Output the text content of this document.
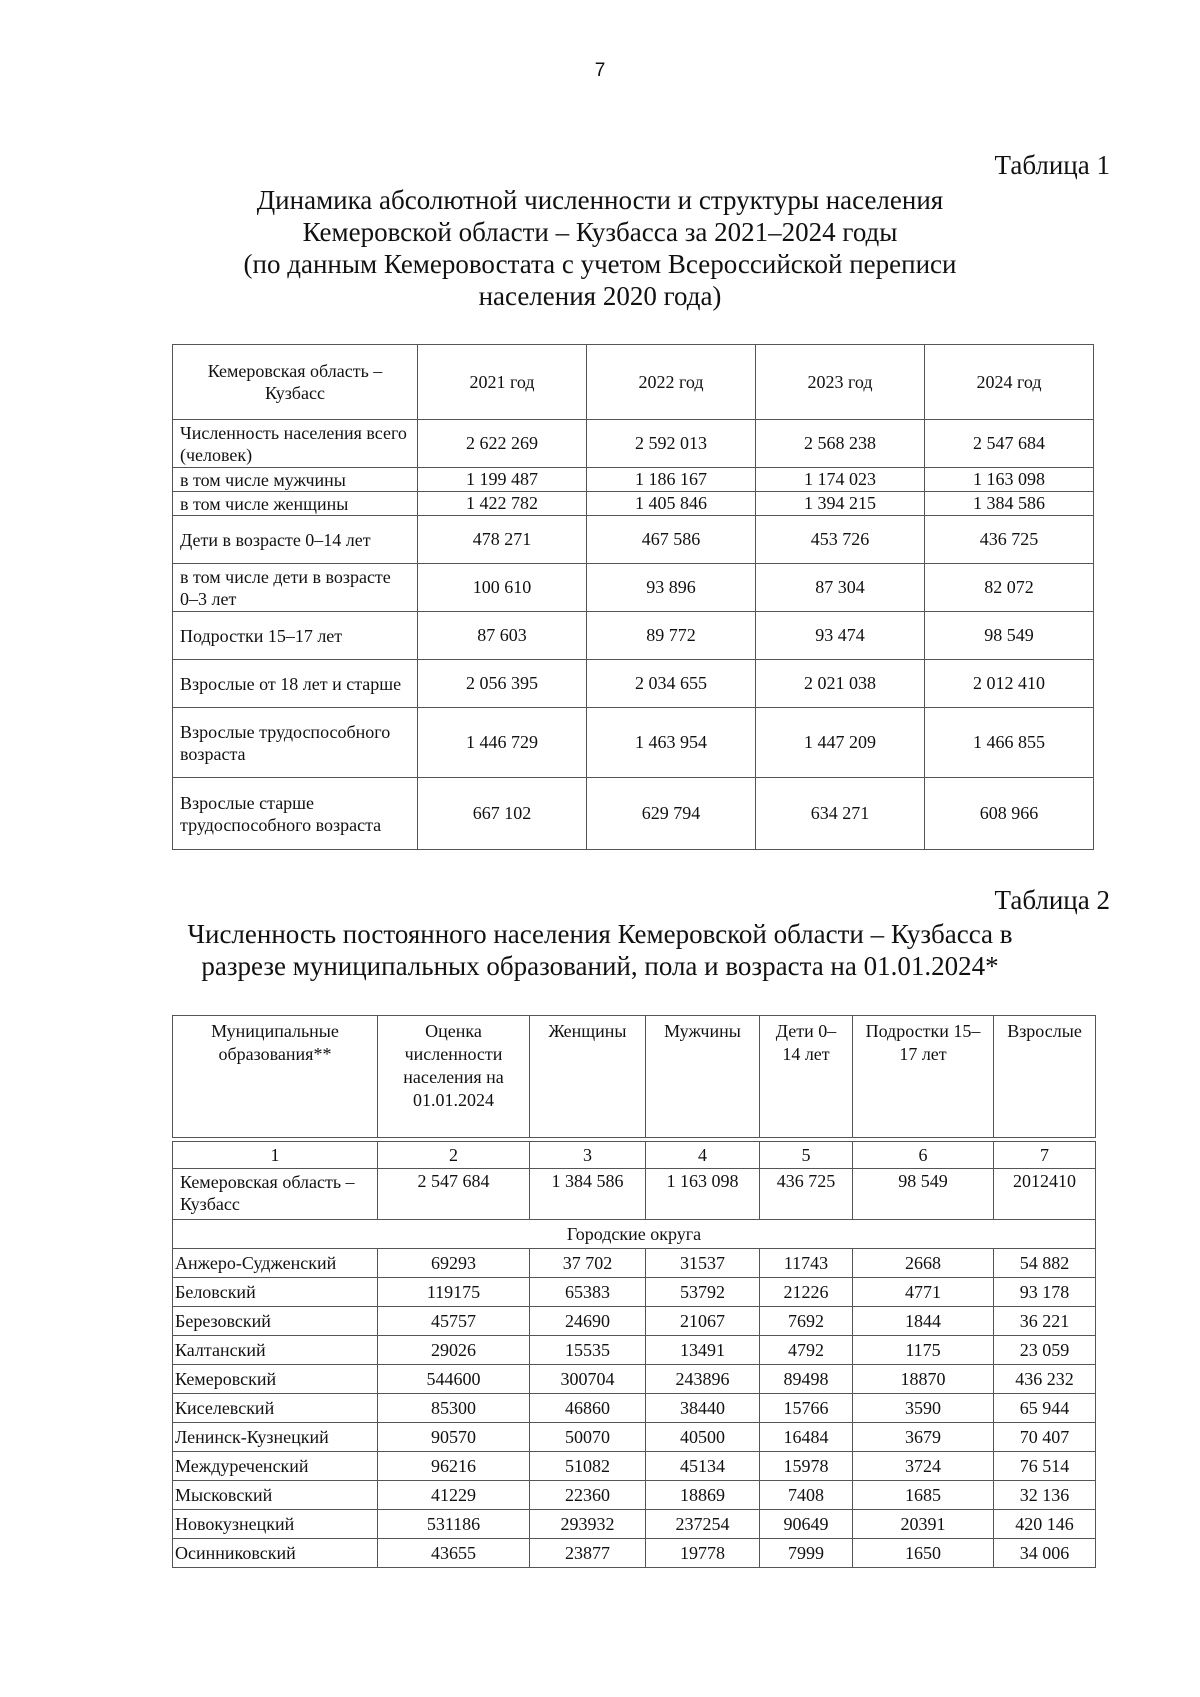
7
Таблица 1
Динамика абсолютной численности и структуры населения
Кемеровской области – Кузбасса за 2021–2024 годы
(по данным Кемеровостата с учетом Всероссийской переписи
населения 2020 года)
Кемеровская область – Кузбасс	2021 год	2022 год	2023 год	2024 год
Численность населения всего (человек)	2 622 269	2 592 013	2 568 238	2 547 684
в том числе мужчины	1 199 487	1 186 167	1 174 023	1 163 098
в том числе женщины	1 422 782	1 405 846	1 394 215	1 384 586
Дети в возрасте 0–14 лет	478 271	467 586	453 726	436 725
в том числе дети в возрасте 0–3 лет	100 610	93 896	87 304	82 072
Подростки 15–17 лет	87 603	89 772	93 474	98 549
Взрослые от 18 лет и старше	2 056 395	2 034 655	2 021 038	2 012 410
Взрослые трудоспособного возраста	1 446 729	1 463 954	1 447 209	1 466 855
Взрослые старше трудоспособного возраста	667 102	629 794	634 271	608 966
Таблица 2
Численность постоянного населения Кемеровской области – Кузбасса в
разрезе муниципальных образований, пола и возраста на 01.01.2024*
Муниципальные образования**	Оценка численности населения на 01.01.2024	Женщины	Мужчины	Дети 0–14 лет	Подростки 15–17 лет	Взрослые

1	2	3	4	5	6	7
Кемеровская область – Кузбасс	2 547 684	1 384 586	1 163 098	436 725	98 549	2012410
Городские округа						
Анжеро-Судженский	69293	37 702	31537	11743	2668	54 882
Беловский	119175	65383	53792	21226	4771	93 178
Березовский	45757	24690	21067	7692	1844	36 221
Калтанский	29026	15535	13491	4792	1175	23 059
Кемеровский	544600	300704	243896	89498	18870	436 232
Киселевский	85300	46860	38440	15766	3590	65 944
Ленинск-Кузнецкий	90570	50070	40500	16484	3679	70 407
Междуреченский	96216	51082	45134	15978	3724	76 514
Мысковский	41229	22360	18869	7408	1685	32 136
Новокузнецкий	531186	293932	237254	90649	20391	420 146
Осинниковский	43655	23877	19778	7999	1650	34 006
